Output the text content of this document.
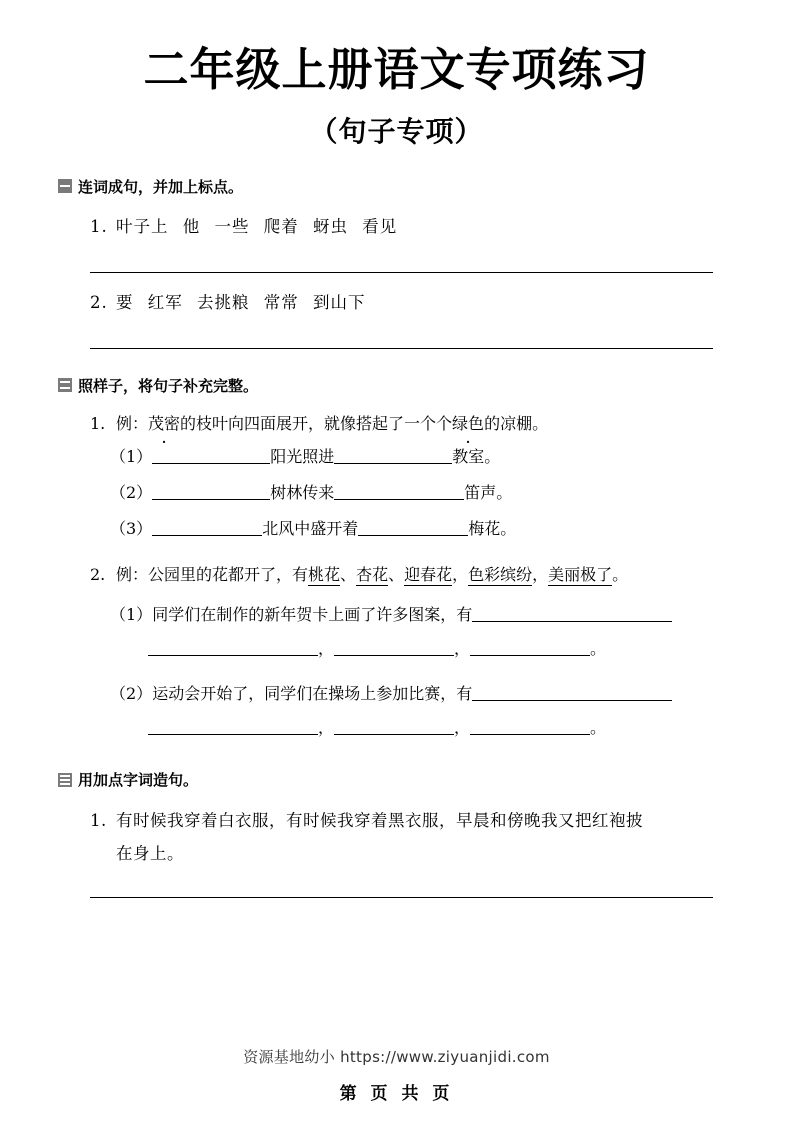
二年级上册语文专项练习
（句子专项）
连词成句，并加上标点。
1. 叶子上 他 一些 爬着 蚜虫 看见
2. 要 红军 去挑粮 常常 到山下
照样子，将句子补充完整。
1. 例：茂密的枝叶向四面展开，就像搭起了一个个绿色的凉棚。
（1）	阳光照进	教室。
（2）	树林传来	笛声。
（3）	北风中盛开着	梅花。
2. 例：公园里的花都开了，有桃花、杏花、迎春花，色彩缤纷，美丽极了。
（1）同学们在制作的新年贺卡上画了许多图案，有
，	，	。
（2）运动会开始了，同学们在操场上参加比赛，有
，	，	。
用加点字词造句。
1. 有时候我穿着白衣服，有时候我穿着黑衣服，早晨和傍晚我又把红袍披
在身上。
资源基地幼小 https://www.ziyuanjidi.com
第 页 共 页
